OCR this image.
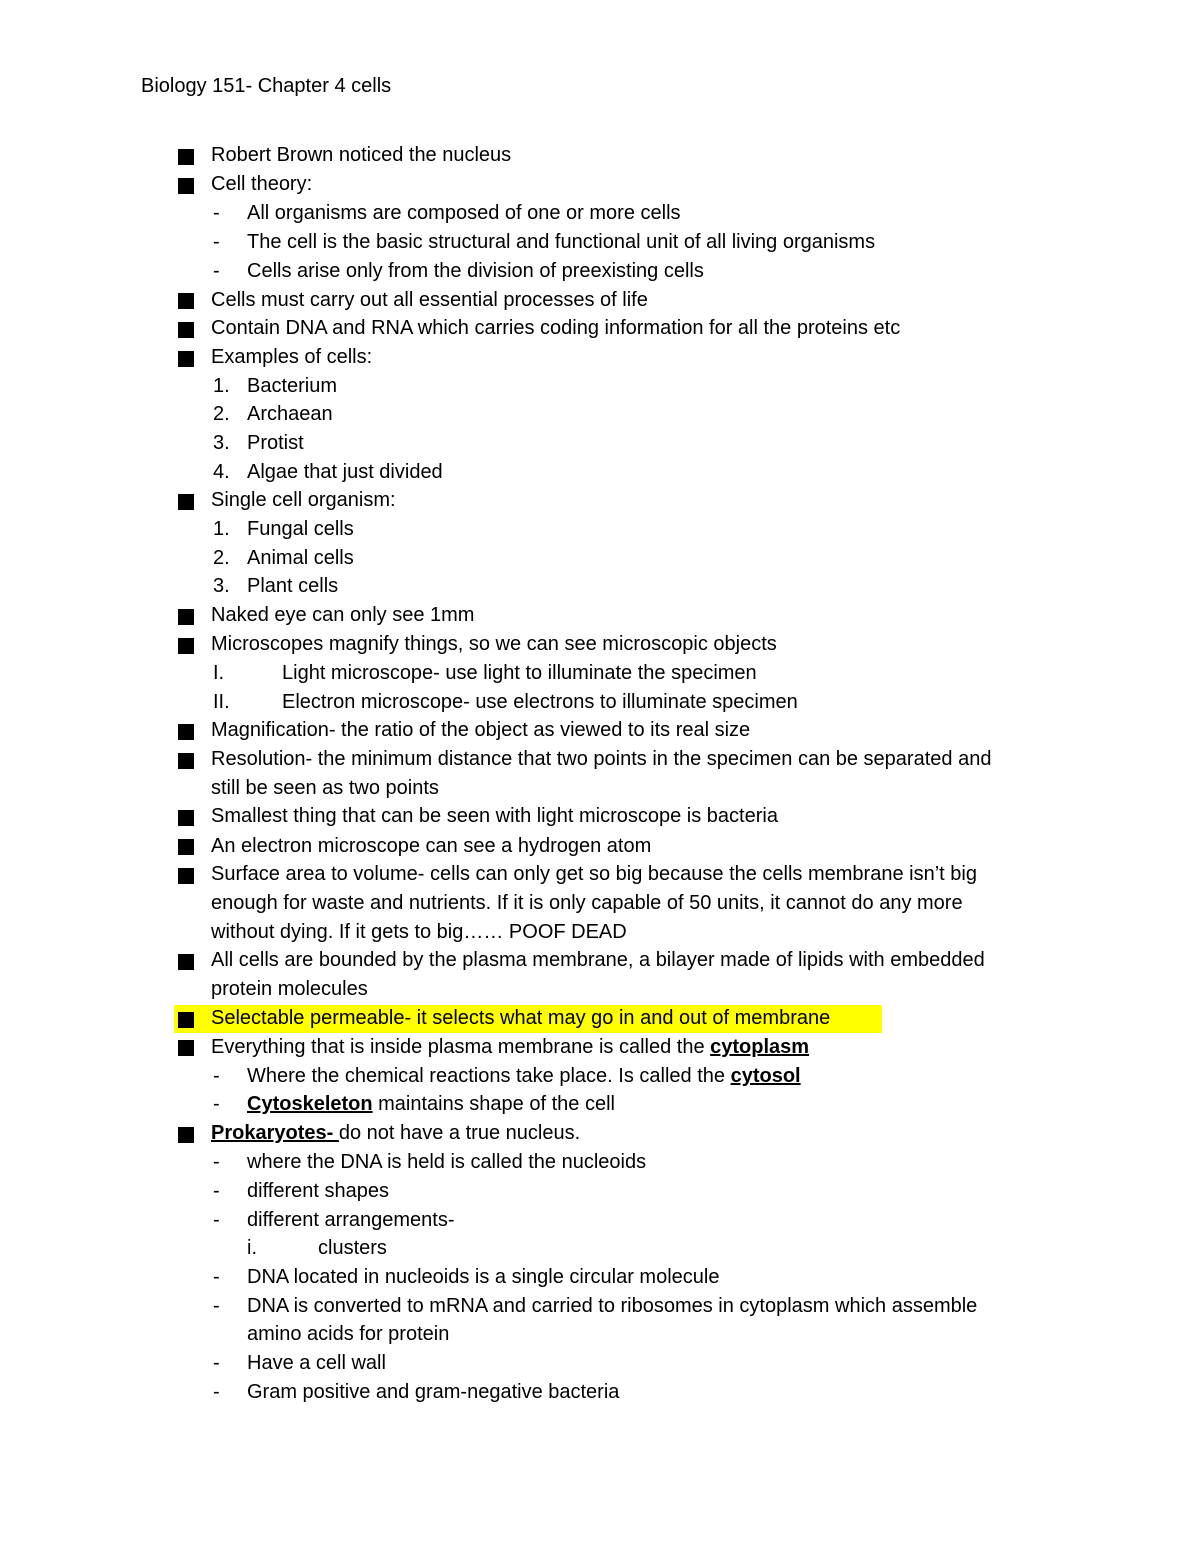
Biology 151- Chapter 4 cells
Robert Brown noticed the nucleus
Cell theory:
- All organisms are composed of one or more cells
- The cell is the basic structural and functional unit of all living organisms
- Cells arise only from the division of preexisting cells
Cells must carry out all essential processes of life
Contain DNA and RNA which carries coding information for all the proteins etc
Examples of cells:
1. Bacterium
2. Archaean
3. Protist
4. Algae that just divided
Single cell organism:
1. Fungal cells
2. Animal cells
3. Plant cells
Naked eye can only see 1mm
Microscopes magnify things, so we can see microscopic objects
I.	Light microscope- use light to illuminate the specimen
II.	Electron microscope- use electrons to illuminate specimen
Magnification- the ratio of the object as viewed to its real size
Resolution- the minimum distance that two points in the specimen can be separated and
still be seen as two points
Smallest thing that can be seen with light microscope is bacteria
An electron microscope can see a hydrogen atom
Surface area to volume- cells can only get so big because the cells membrane isn’t big
enough for waste and nutrients. If it is only capable of 50 units, it cannot do any more
without dying. If it gets to big…… POOF DEAD
All cells are bounded by the plasma membrane, a bilayer made of lipids with embedded
protein molecules
Selectable permeable- it selects what may go in and out of membrane
Everything that is inside plasma membrane is called the cytoplasm
- Where the chemical reactions take place. Is called the cytosol
- Cytoskeleton maintains shape of the cell
Prokaryotes- do not have a true nucleus.
- where the DNA is held is called the nucleoids
- different shapes
- different arrangements-
i.	clusters
- DNA located in nucleoids is a single circular molecule
- DNA is converted to mRNA and carried to ribosomes in cytoplasm which assemble
amino acids for protein
- Have a cell wall
- Gram positive and gram-negative bacteria
